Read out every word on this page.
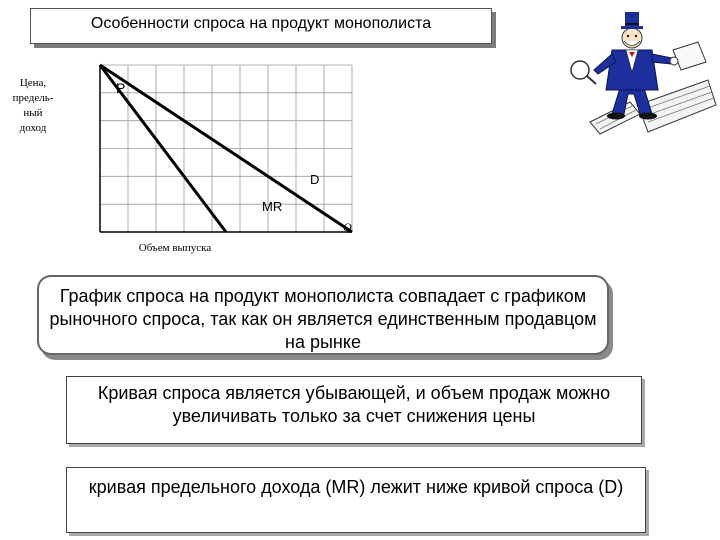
Особенности спроса на продукт монополиста
Цена,
предель-
ный
доход
P
D
MR
Q
Объем выпуска
График спроса на продукт монополиста совпадает с графиком рыночного спроса, так как он является единственным продавцом на рынке
Кривая спроса является убывающей, и объем продаж можно увеличивать только за счет снижения цены
кривая предельного дохода (MR) лежит ниже кривой спроса (D)
